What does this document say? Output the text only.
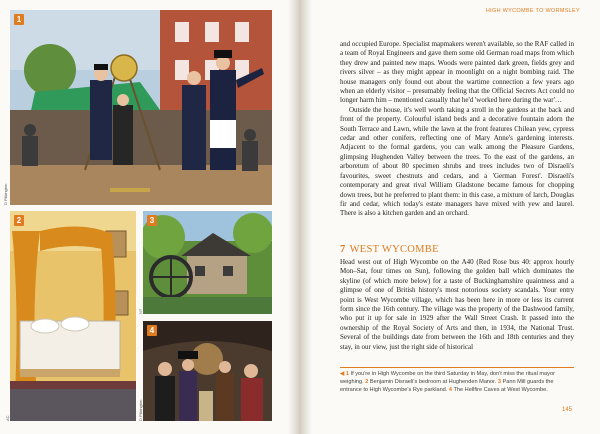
1
D Pilkington
2
AC
3
NT
4
D Pilkington
HIGH WYCOMBE TO WORMSLEY

and occupied Europe. Specialist mapmakers weren't available, so the RAF called in a team of Royal Engineers and gave them some old German road maps from which they drew and painted new maps. Woods were painted dark green, fields grey and rivers silver – as they might appear in moonlight on a night bombing raid. The house managers only found out about the wartime connection a few years ago when an elderly visitor – presumably feeling that the Official Secrets Act could no longer harm him – mentioned casually that he'd 'worked here during the war'…

Outside the house, it's well worth taking a stroll in the gardens at the back and front of the property. Colourful island beds and a decorative fountain adorn the South Terrace and Lawn, while the lawn at the front features Chilean yew, cypress cedar and other conifers, reflecting one of Mary Anne's gardening interests. Adjacent to the formal gardens, you can walk among the Pleasure Gardens, glimpsing Hughenden Valley between the trees. To the east of the gardens, an arboretum of about 80 specimen shrubs and trees includes two of Disraeli's favourites, sweet chestnuts and cedars, and a 'German Forest'. Disraeli's contemporary and great rival William Gladstone became famous for chopping down trees, but he preferred to plant them: in this case, a mixture of larch, Douglas fir and cedar, which today's estate managers have mixed with yew and laurel. There is also a kitchen garden and an orchard.

7 WEST WYCOMBE

Head west out of High Wycombe on the A40 (Red Rose bus 40: approx hourly Mon–Sat, four times on Sun), following the golden ball which dominates the skyline (of which more below) for a taste of Buckinghamshire quaintness and a glimpse of one of British history's most notorious society scandals. Your entry point is West Wycombe village, which has been here in more or less its current form since the 16th century. The village was the property of the Dashwood family, who put it up for sale in 1929 after the Wall Street Crash. It passed into the ownership of the Royal Society of Arts and then, in 1934, the National Trust. Several of the buildings date from between the 16th and 18th centuries and they stay, in our view, just the right side of historical

◀ 1 If you're in High Wycombe on the third Saturday in May, don't miss the ritual mayor weighing. 2 Benjamin Disraeli's bedroom at Hughenden Manor. 3 Pann Mill guards the entrance to High Wycombe's Rye parkland. 4 The Hellfire Caves at West Wycombe.
145
